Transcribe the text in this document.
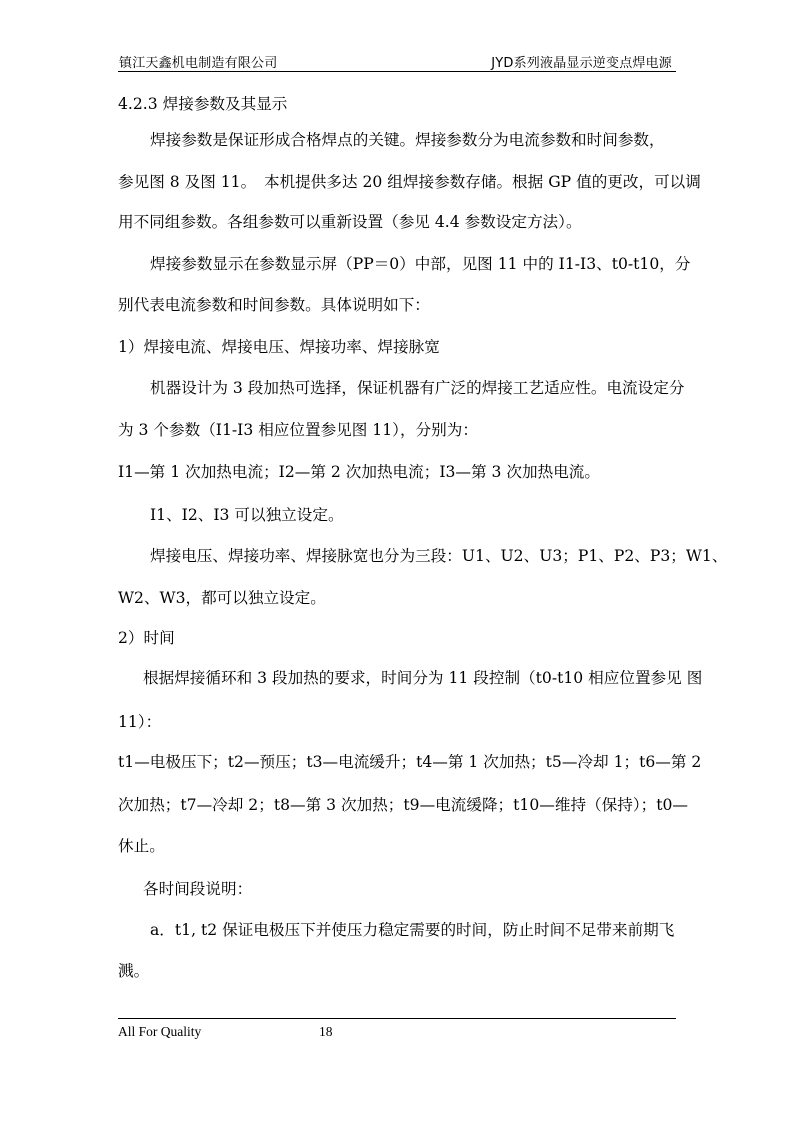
镇江天鑫机电制造有限公司	JYD系列液晶显示逆变点焊电源
4.2.3 焊接参数及其显示
焊接参数是保证形成合格焊点的关键。焊接参数分为电流参数和时间参数，
参见图 8 及图 11。　本机提供多达 20 组焊接参数存储。根据 GP 值的更改，可以调
用不同组参数。各组参数可以重新设置（参见 4.4 参数设定方法）。
焊接参数显示在参数显示屏（PP＝0）中部，见图 11 中的 I1-I3、t0-t10，分
别代表电流参数和时间参数。具体说明如下：
1）焊接电流、焊接电压、焊接功率、焊接脉宽
机器设计为 3 段加热可选择，保证机器有广泛的焊接工艺适应性。电流设定分
为 3 个参数（I1-I3 相应位置参见图 11），分别为：
I1—第 1 次加热电流；I2—第 2 次加热电流；I3—第 3 次加热电流。
I1、I2、I3 可以独立设定。
焊接电压、焊接功率、焊接脉宽也分为三段：U1、U2、U3；P1、P2、P3；W1、
W2、W3，都可以独立设定。
2）时间
根据焊接循环和 3 段加热的要求，时间分为 11 段控制（t0-t10 相应位置参见 图
11）：
t1—电极压下；t2—预压；t3—电流缓升；t4—第 1 次加热；t5—冷却 1；t6—第 2
次加热；t7—冷却 2；t8—第 3 次加热；t9—电流缓降；t10—维持（保持）；t0—
休止。
各时间段说明：
a．t1, t2 保证电极压下并使压力稳定需要的时间，防止时间不足带来前期飞
溅。
All For Quality	18
